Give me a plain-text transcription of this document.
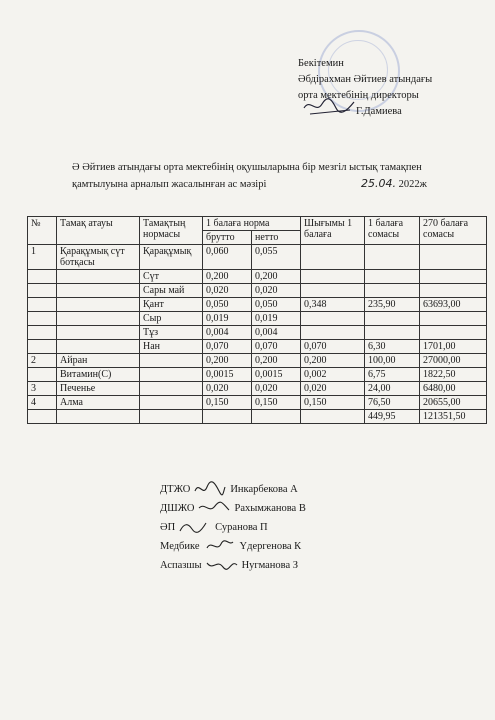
Бекітемин
Әбдірахман Әйтиев атындағы
орта мектебінің директоры
Г.Дамиева
Ә Әйтиев атындағы орта мектебінің оқушыларына бір мезгіл ыстық тамақпен
қамтылуына арналып жасалынған ас мәзірі	25.04. 2022ж
№	Тамақ атауы	Тамақтың нормасы	1 балаға норма		Шығымы 1 балаға	1 балаға сомасы	270 балаға сомасы
			брутто	нетто			
1	Қарақұмық сүт ботқасы	Қарақұмық	0,060	0,055			
		Сүт	0,200	0,200			
		Сары май	0,020	0,020			
		Қант	0,050	0,050	0,348	235,90	63693,00
		Сыр	0,019	0,019			
		Тұз	0,004	0,004			
		Нан	0,070	0,070	0,070	6,30	1701,00
2	Айран		0,200	0,200	0,200	100,00	27000,00
	Витамин(С)		0,0015	0,0015	0,002	6,75	1822,50
3	Печенье		0,020	0,020	0,020	24,00	6480,00
4	Алма		0,150	0,150	0,150	76,50	20655,00
						449,95	121351,50
ДТЖО	Инкарбекова А
ДШЖО	Рахымжанова В
ӘП	Суранова П
Медбике	Үдергенова К
Аспазшы	Нугманова З
